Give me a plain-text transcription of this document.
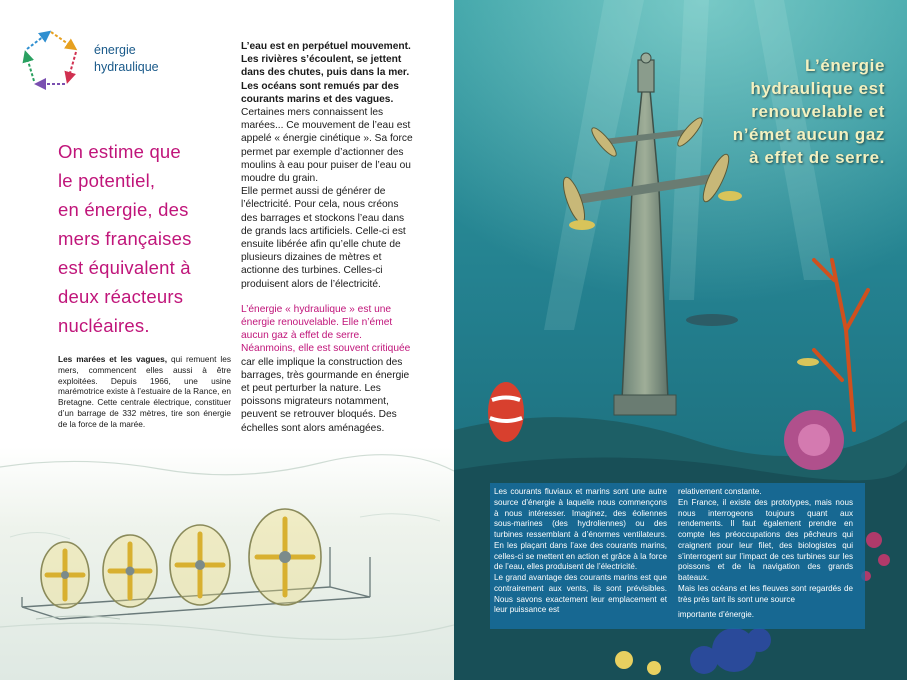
énergie
hydraulique
On estime que
le potentiel,
en énergie, des
mers françaises
est équivalent à
deux réacteurs
nucléaires.

Les marées et les vagues, qui remuent les mers, commencent elles aussi à être exploitées. Depuis 1966, une usine marémotrice existe à l’estuaire de la Rance, en Bretagne. Cette centrale électrique, constituer d’un barrage de 332 mètres, tire son énergie de la force de la marée.

L’eau est en perpétuel mouvement. Les rivières s’écoulent, se jettent dans des chutes, puis dans la mer. Les océans sont remués par des courants marins et des vagues.

Certaines mers connaissent les marées... Ce mouvement de l’eau est appelé « énergie cinétique ». Sa force permet par exemple d’actionner des moulins à eau pour puiser de l’eau ou moudre du grain.

Elle permet aussi de générer de l’électricité. Pour cela, nous créons des barrages et stockons l’eau dans de grands lacs artificiels. Celle-ci est ensuite libérée afin qu’elle chute de plusieurs dizaines de mètres et actionne des turbines. Celles-ci produisent alors de l’électricité.

L’énergie « hydraulique » est une énergie renouvelable. Elle n’émet aucun gaz à effet de serre. Néanmoins, elle est souvent critiquée car elle implique la construction des barrages, très gourmande en énergie et peut perturber la nature. Les poissons migrateurs notamment, peuvent se retrouver bloqués. Des échelles sont alors aménagées.

L’énergie
hydraulique est
renouvelable et
n’émet aucun gaz
à effet de serre.

Les courants fluviaux et marins sont une autre source d’énergie à laquelle nous commençons à nous intéresser. Imaginez, des éoliennes sous-marines (des hydroliennes) ou des turbines ressemblant à d’énormes ventilateurs. En les plaçant dans l’axe des courants marins, celles-ci se mettent en action et grâce à la force de l’eau, elles produisent de l’électricité.

Le grand avantage des courants marins est que contrairement aux vents, ils sont prévisibles. Nous savons exactement leur emplacement et leur puissance est

relativement constante.

En France, il existe des prototypes, mais nous nous interrogeons toujours quant aux rendements. Il faut également prendre en compte les préoccupations des pêcheurs qui craignent pour leur filet, des biologistes qui s’interrogent sur l’impact de ces turbines sur les poissons et de la navigation des grands bateaux.

Mais les océans et les fleuves sont regardés de très près tant ils sont une source

importante d’énergie.
